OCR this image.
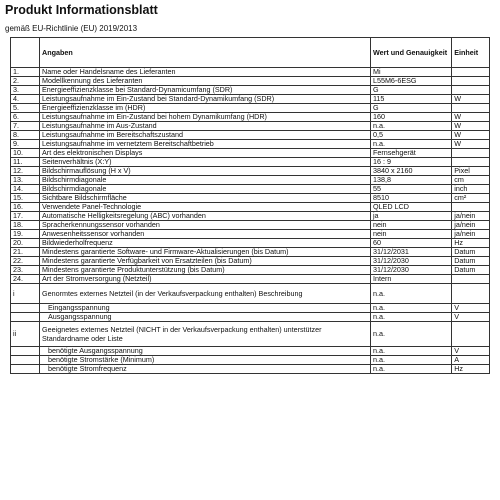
Produkt Informationsblatt
gemäß EU-Richtlinie (EU) 2019/2013
	Angaben	Wert und Genauigkeit	Einheit
1.	Name oder Handelsname des Lieferanten	Mi	
2.	Modellkennung des Lieferanten	L55M6-6ESG	
3.	Energieeffizienzklasse bei Standard-Dynamicumfang (SDR)	G	
4.	Leistungsaufnahme im Ein-Zustand bei Standard-Dynamikumfang (SDR)	115	W
5.	Energieeffizienzklasse im (HDR)	G	
6.	Leistungsaufnahme im Ein-Zustand bei hohem Dynamikumfang (HDR)	160	W
7.	Leistungsaufnahme im Aus-Zustand	n.a.	W
8.	Leistungsaufnahme im Bereitschaftszustand	0,5	W
9.	Leistungsaufnahme im vernetztem Bereitschaftbetrieb	n.a.	W
10.	Art des elektronischen Displays	Fernsehgerät	
11.	Seitenverhältnis (X:Y)	16 : 9	
12.	Bildschirmauflösung (H x V)	3840 x 2160	Pixel
13.	Bildschirmdiagonale	138,8	cm
14.	Bildschirmdiagonale	55	inch
15.	Sichtbare Bildschirmfläche	8510	cm²
16.	Verwendete Panel-Technologie	QLED LCD	
17.	Automatische Helligkeitsregelung (ABC) vorhanden	ja	ja/nein
18.	Spracherkennungssensor vorhanden	nein	ja/nein
19.	Anwesenheitssensor vorhanden	nein	ja/nein
20.	Bildwiederholfrequenz	60	Hz
21.	Mindestens garantierte Software- und Firmware-Aktualisierungen (bis Datum)	31/12/2031	Datum
22.	Mindestens garantierte Verfügbarkeit von Ersatzteilen (bis Datum)	31/12/2030	Datum
23.	Mindestens garantierte Produktunterstützung (bis Datum)	31/12/2030	Datum
24.	Art der Stromversorgung (Netzteil)	Intern	
i	Genormtes externes Netzteil (in der Verkaufsverpackung enthalten) Beschreibung	n.a.	
	Eingangsspannung	n.a.	V
	Ausgangsspannung	n.a.	V
ii	Geeignetes externes Netzteil (NICHT in der Verkaufsverpackung enthalten) unterstützer Standardname oder Liste	n.a.	
	benötigte Ausgangsspannung	n.a.	V
	benötigte Stromstärke (Minimum)	n.a.	A
	benötigte Stromfrequenz	n.a.	Hz
